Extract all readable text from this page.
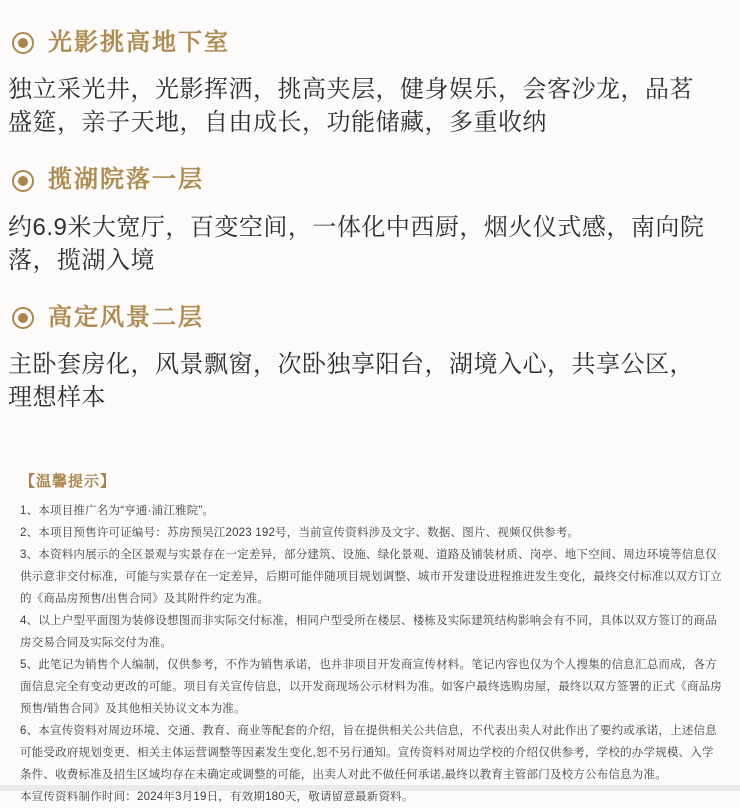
光影挑高地下室

独立采光井，光影挥洒，挑高夹层，健身娱乐，会客沙龙，品茗盛筵，亲子天地，自由成长，功能储藏，多重收纳

揽湖院落一层

约6.9米大宽厅，百变空间，一体化中西厨，烟火仪式感，南向院落，揽湖入境

高定风景二层

主卧套房化，风景飘窗，次卧独享阳台，湖境入心，共享公区，理想样本

【温馨提示】

1、本项目推广名为“亨通·浦江雅院”。

2、本项目预售许可证编号：苏房预吴江2023 192号，当前宣传资料涉及文字、数据、图片、视频仅供参考。

3、本资料内展示的全区景观与实景存在一定差异，部分建筑、设施、绿化景观、道路及铺装材质、岗亭、地下空间、周边环境等信息仅供示意非交付标准，可能与实景存在一定差异，后期可能伴随项目规划调整、城市开发建设进程推进发生变化，最终交付标准以双方订立的《商品房预售/出售合同》及其附件约定为准。

4、以上户型平面图为装修设想图而非实际交付标准，相同户型受所在楼层、楼栋及实际建筑结构影响会有不同，具体以双方签订的商品房交易合同及实际交付为准。

5、此笔记为销售个人编制，仅供参考，不作为销售承诺，也并非项目开发商宣传材料。笔记内容也仅为个人搜集的信息汇总而成，各方面信息完全有变动更改的可能。项目有关宣传信息，以开发商现场公示材料为准。如客户最终选购房屋，最终以双方签署的正式《商品房预售/销售合同》及其他相关协议文本为准。

6、本宣传资料对周边环境、交通、教育、商业等配套的介绍，旨在提供相关公共信息，不代表出卖人对此作出了要约或承诺，上述信息可能受政府规划变更、相关主体运营调整等因素发生变化,恕不另行通知。宣传资料对周边学校的介绍仅供参考，学校的办学规模、入学条件、收费标准及招生区域均存在未确定或调整的可能，出卖人对此不做任何承诺,最终以教育主管部门及校方公布信息为准。

本宣传资料制作时间：2024年3月19日，有效期180天，敬请留意最新资料。
